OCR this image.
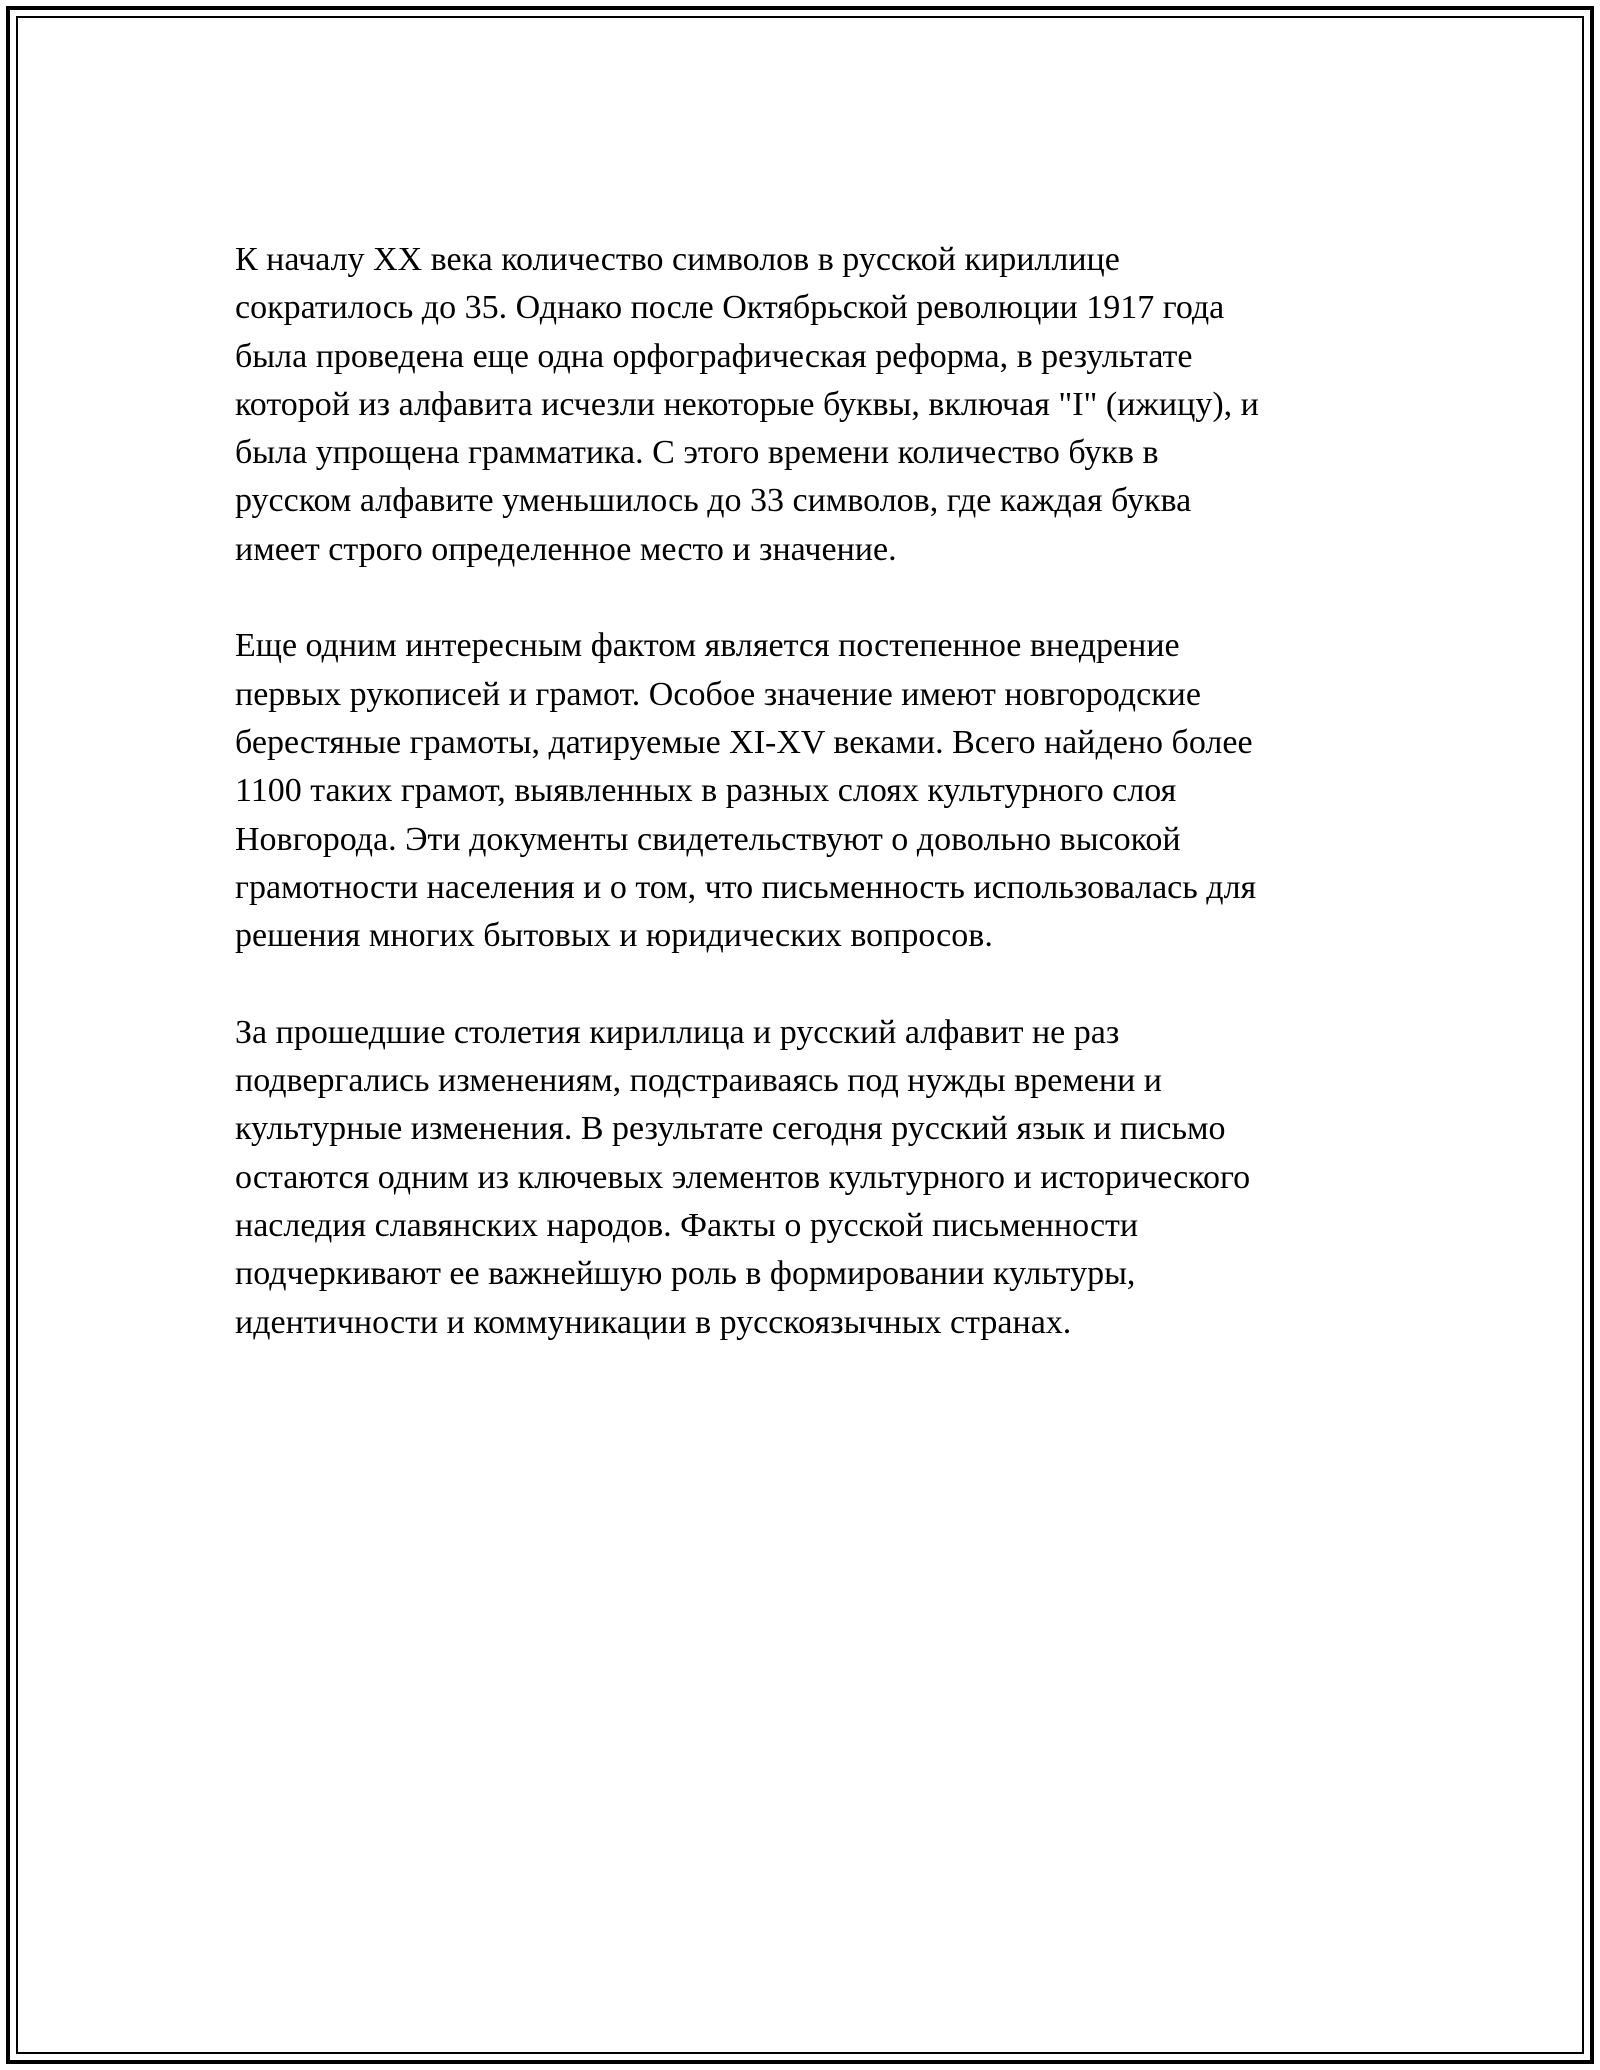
К началу XX века количество символов в русской кириллице
сократилось до 35. Однако после Октябрьской революции 1917 года
была проведена еще одна орфографическая реформа, в результате
которой из алфавита исчезли некоторые буквы, включая "I" (ижицу), и
была упрощена грамматика. С этого времени количество букв в
русском алфавите уменьшилось до 33 символов, где каждая буква
имеет строго определенное место и значение.

Еще одним интересным фактом является постепенное внедрение
первых рукописей и грамот. Особое значение имеют новгородские
берестяные грамоты, датируемые XI-XV веками. Всего найдено более
1100 таких грамот, выявленных в разных слоях культурного слоя
Новгорода. Эти документы свидетельствуют о довольно высокой
грамотности населения и о том, что письменность использовалась для
решения многих бытовых и юридических вопросов.

За прошедшие столетия кириллица и русский алфавит не раз
подвергались изменениям, подстраиваясь под нужды времени и
культурные изменения. В результате сегодня русский язык и письмо
остаются одним из ключевых элементов культурного и исторического
наследия славянских народов. Факты о русской письменности
подчеркивают ее важнейшую роль в формировании культуры,
идентичности и коммуникации в русскоязычных странах.
